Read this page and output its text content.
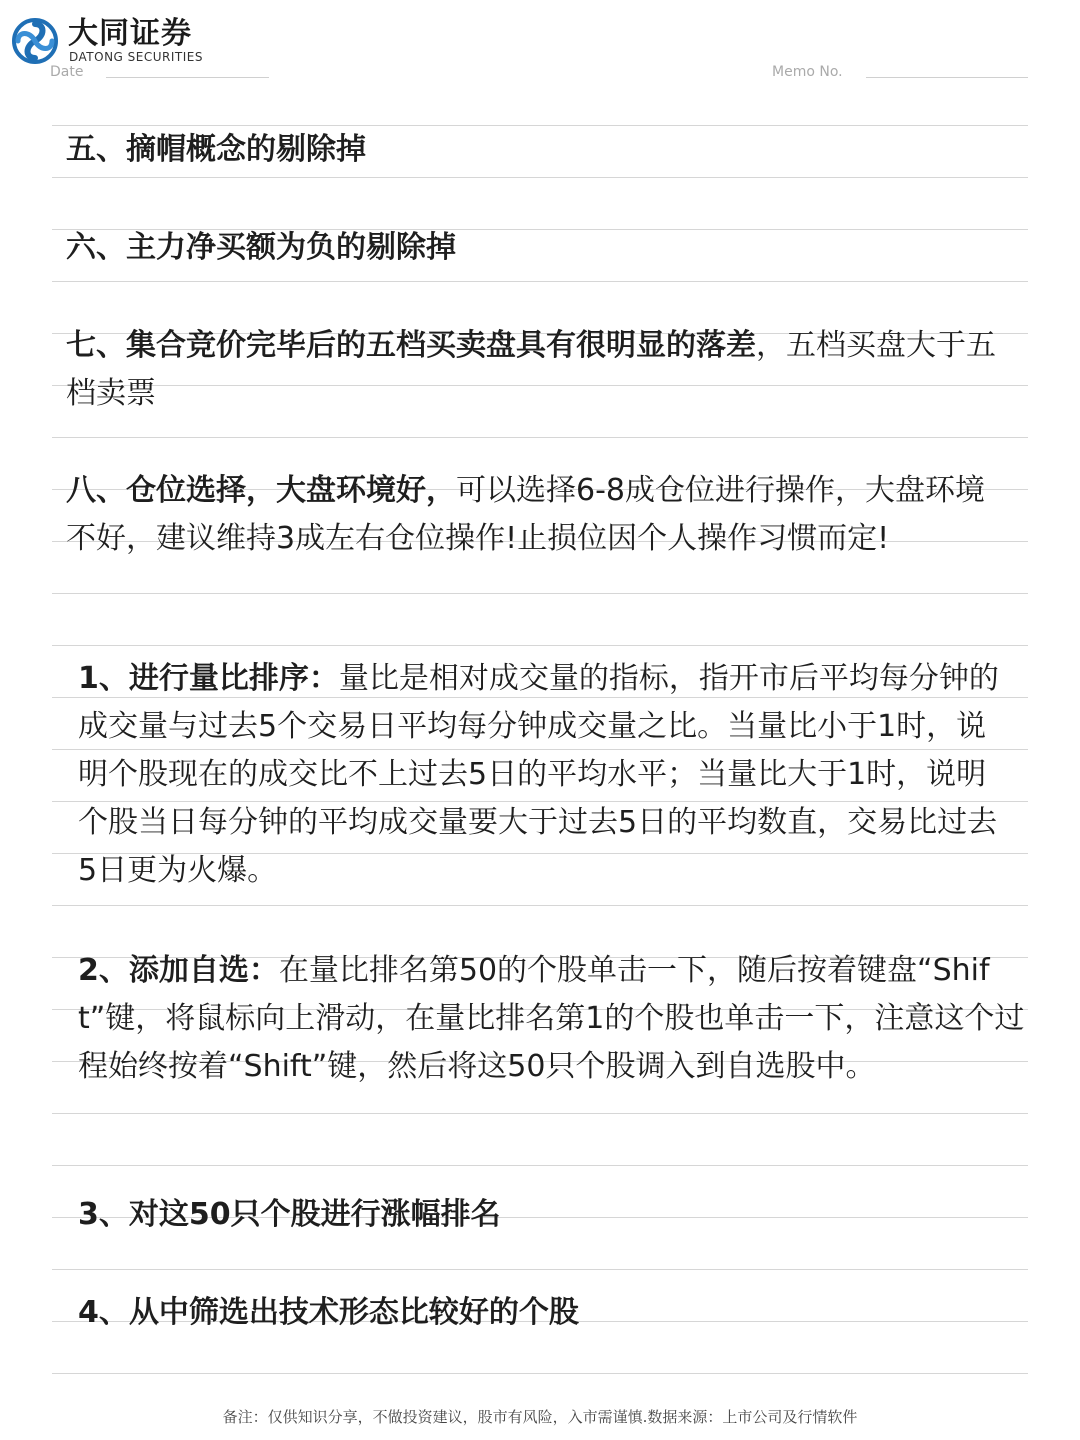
大同证券
DATONG SECURITIES
Date	Memo No.

五、摘帽概念的剔除掉

六、主力净买额为负的剔除掉

七、集合竞价完毕后的五档买卖盘具有很明显的落差，五档买盘大于五档卖票

八、仓位选择，大盘环境好，可以选择6-8成仓位进行操作，大盘环境不好，建议维持3成左右仓位操作!止损位因个人操作习惯而定!

1、进行量比排序：量比是相对成交量的指标，指开市后平均每分钟的成交量与过去5个交易日平均每分钟成交量之比。当量比小于1时，说明个股现在的成交比不上过去5日的平均水平；当量比大于1时，说明个股当日每分钟的平均成交量要大于过去5日的平均数直，交易比过去5日更为火爆。

2、添加自选：在量比排名第50的个股单击一下，随后按着键盘“Shift”键，将鼠标向上滑动，在量比排名第1的个股也单击一下，注意这个过程始终按着“Shift”键，然后将这50只个股调入到自选股中。

3、对这50只个股进行涨幅排名

4、从中筛选出技术形态比较好的个股

备注：仅供知识分享，不做投资建议，股市有风险，入市需谨慎.数据来源：上市公司及行情软件
